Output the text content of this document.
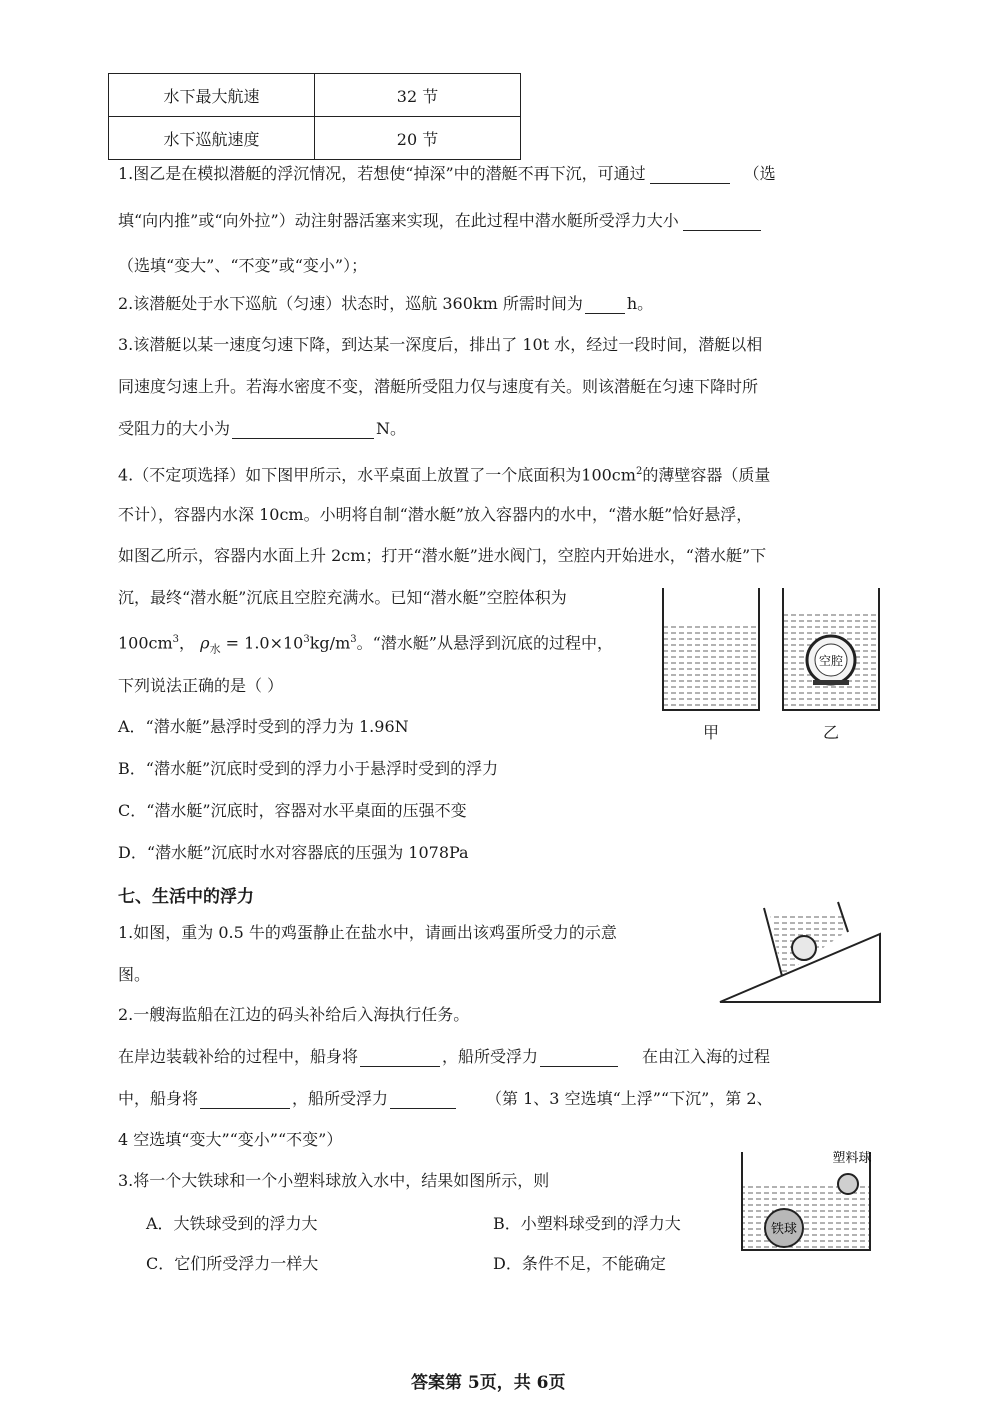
水下最大航速	32 节
水下巡航速度	20 节
1.图乙是在模拟潜艇的浮沉情况，若想使“掉深”中的潜艇不再下沉，可通过	（选
填“向内推”或“向外拉”）动注射器活塞来实现，在此过程中潜水艇所受浮力大小
（选填“变大”、“不变”或“变小”）；
2.该潜艇处于水下巡航（匀速）状态时，巡航 360km 所需时间为	h。
3.该潜艇以某一速度匀速下降，到达某一深度后，排出了 10t 水，经过一段时间，潜艇以相
同速度匀速上升。若海水密度不变，潜艇所受阻力仅与速度有关。则该潜艇在匀速下降时所
受阻力的大小为	N。
4.（不定项选择）如下图甲所示，水平桌面上放置了一个底面积为$100cm^2$的薄壁容器（质量
不计），容器内水深 10cm。小明将自制“潜水艇”放入容器内的水中，“潜水艇”恰好悬浮，
如图乙所示，容器内水面上升 2cm；打开“潜水艇”进水阀门，空腔内开始进水，“潜水艇”下
沉，最终“潜水艇”沉底且空腔充满水。已知“潜水艇”空腔体积为
$100cm^3$， $\rho_水 = 1.0\times 10^3kg/m^3$。“潜水艇”从悬浮到沉底的过程中，
下列说法正确的是（ ）
A．“潜水艇”悬浮时受到的浮力为 1.96N
B．“潜水艇”沉底时受到的浮力小于悬浮时受到的浮力
C．“潜水艇”沉底时，容器对水平桌面的压强不变
D．“潜水艇”沉底时水对容器底的压强为 1078Pa
空腔
甲	乙
七、生活中的浮力
1.如图，重为 0.5 牛的鸡蛋静止在盐水中，请画出该鸡蛋所受力的示意
图。
2.一艘海监船在江边的码头补给后入海执行任务。
在岸边装载补给的过程中，船身将	，船所受浮力	在由江入海的过程
中，船身将	，船所受浮力	（第 1、3 空选填“上浮”“下沉”，第 2、
4 空选填“变大”“变小”“不变”）
3.将一个大铁球和一个小塑料球放入水中，结果如图所示，则
A．大铁球受到的浮力大	B．小塑料球受到的浮力大
C．它们所受浮力一样大	D．条件不足，不能确定
铁球
塑料球
答案第 5页，共 6页
